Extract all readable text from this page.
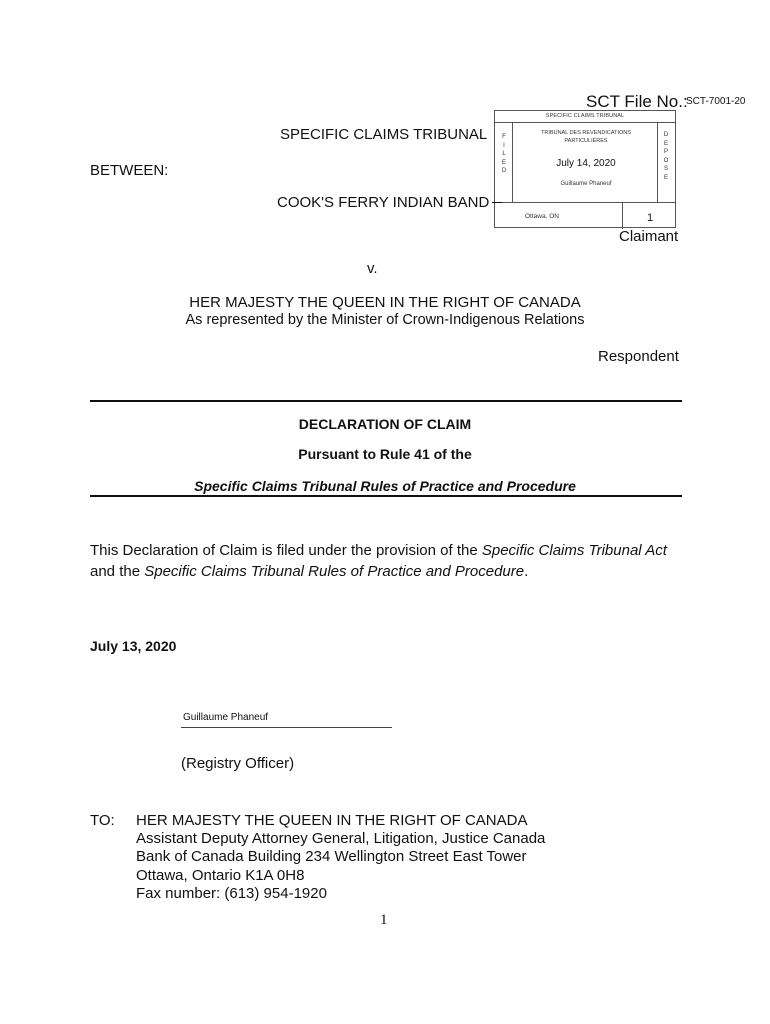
SCT File No.:
SCT-7001-20
SPECIFIC CLAIMS TRIBUNAL
F
I
L
E
D
D
E
P
O
S
E
TRIBUNAL DES REVENDICATIONS
PARTICULIÈRES
July 14, 2020
Guillaume Phaneuf
Ottawa, ON	1
SPECIFIC CLAIMS TRIBUNAL
BETWEEN:
COOK'S FERRY INDIAN BAND
Claimant
v.
HER MAJESTY THE QUEEN IN THE RIGHT OF CANADA
As represented by the Minister of Crown-Indigenous Relations
Respondent
DECLARATION OF CLAIM
Pursuant to Rule 41 of the
Specific Claims Tribunal Rules of Practice and Procedure
This Declaration of Claim is filed under the provision of the Specific Claims Tribunal Act
and the Specific Claims Tribunal Rules of Practice and Procedure.
July 13, 2020
Guillaume Phaneuf
(Registry Officer)
TO: HER MAJESTY THE QUEEN IN THE RIGHT OF CANADA
Assistant Deputy Attorney General, Litigation, Justice Canada
Bank of Canada Building 234 Wellington Street East Tower
Ottawa, Ontario K1A 0H8
Fax number: (613) 954-1920
1
